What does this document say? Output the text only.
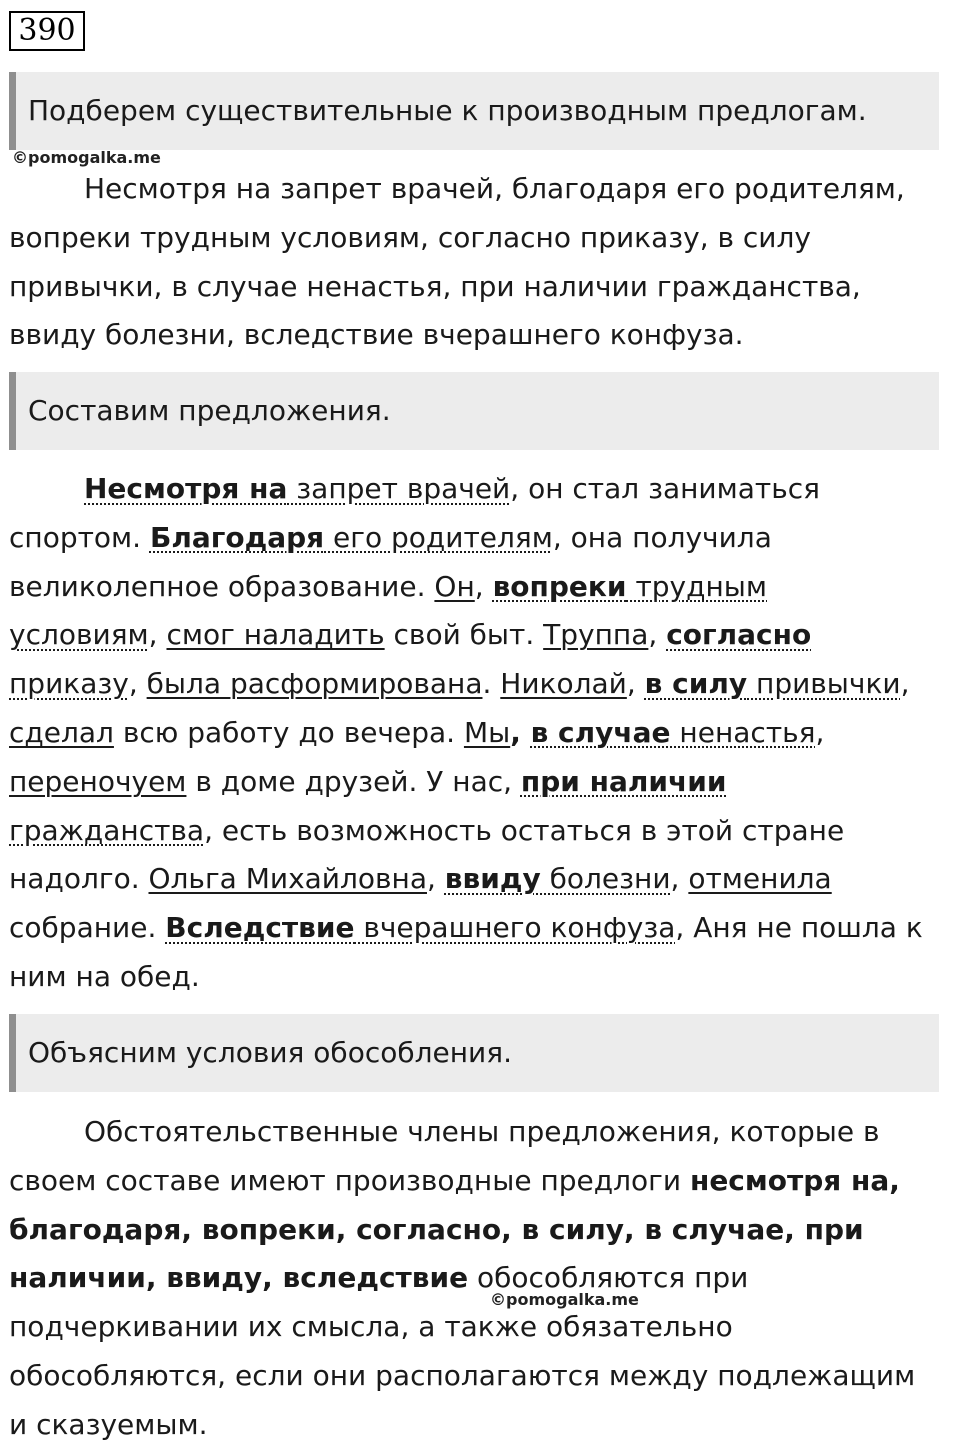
390
Подберем существительные к производным предлогам.
©pomogalka.me
Несмотря на запрет врачей, благодаря его родителям,
вопреки трудным условиям, согласно приказу, в силу
привычки, в случае ненастья, при наличии гражданства,
ввиду болезни, вследствие вчерашнего конфуза.
Составим предложения.
Несмотря на запрет врачей, он стал заниматься
спортом. Благодаря его родителям, она получила
великолепное образование. Он, вопреки трудным
условиям, смог наладить свой быт. Труппа, согласно
приказу, была расформирована. Николай, в силу привычки,
сделал всю работу до вечера. Мы, в случае ненастья,
переночуем в доме друзей. У нас, при наличии
гражданства, есть возможность остаться в этой стране
надолго. Ольга Михайловна, ввиду болезни, отменила
собрание. Вследствие вчерашнего конфуза, Аня не пошла к
ним на обед.
Объясним условия обособления.
Обстоятельственные члены предложения, которые в
своем составе имеют производные предлоги несмотря на,
благодаря, вопреки, согласно, в силу, в случае, при
наличии, ввиду, вследствие обособляются при
подчеркивании их смысла, а также обязательно
обособляются, если они располагаются между подлежащим
и сказуемым.
©pomogalka.me
